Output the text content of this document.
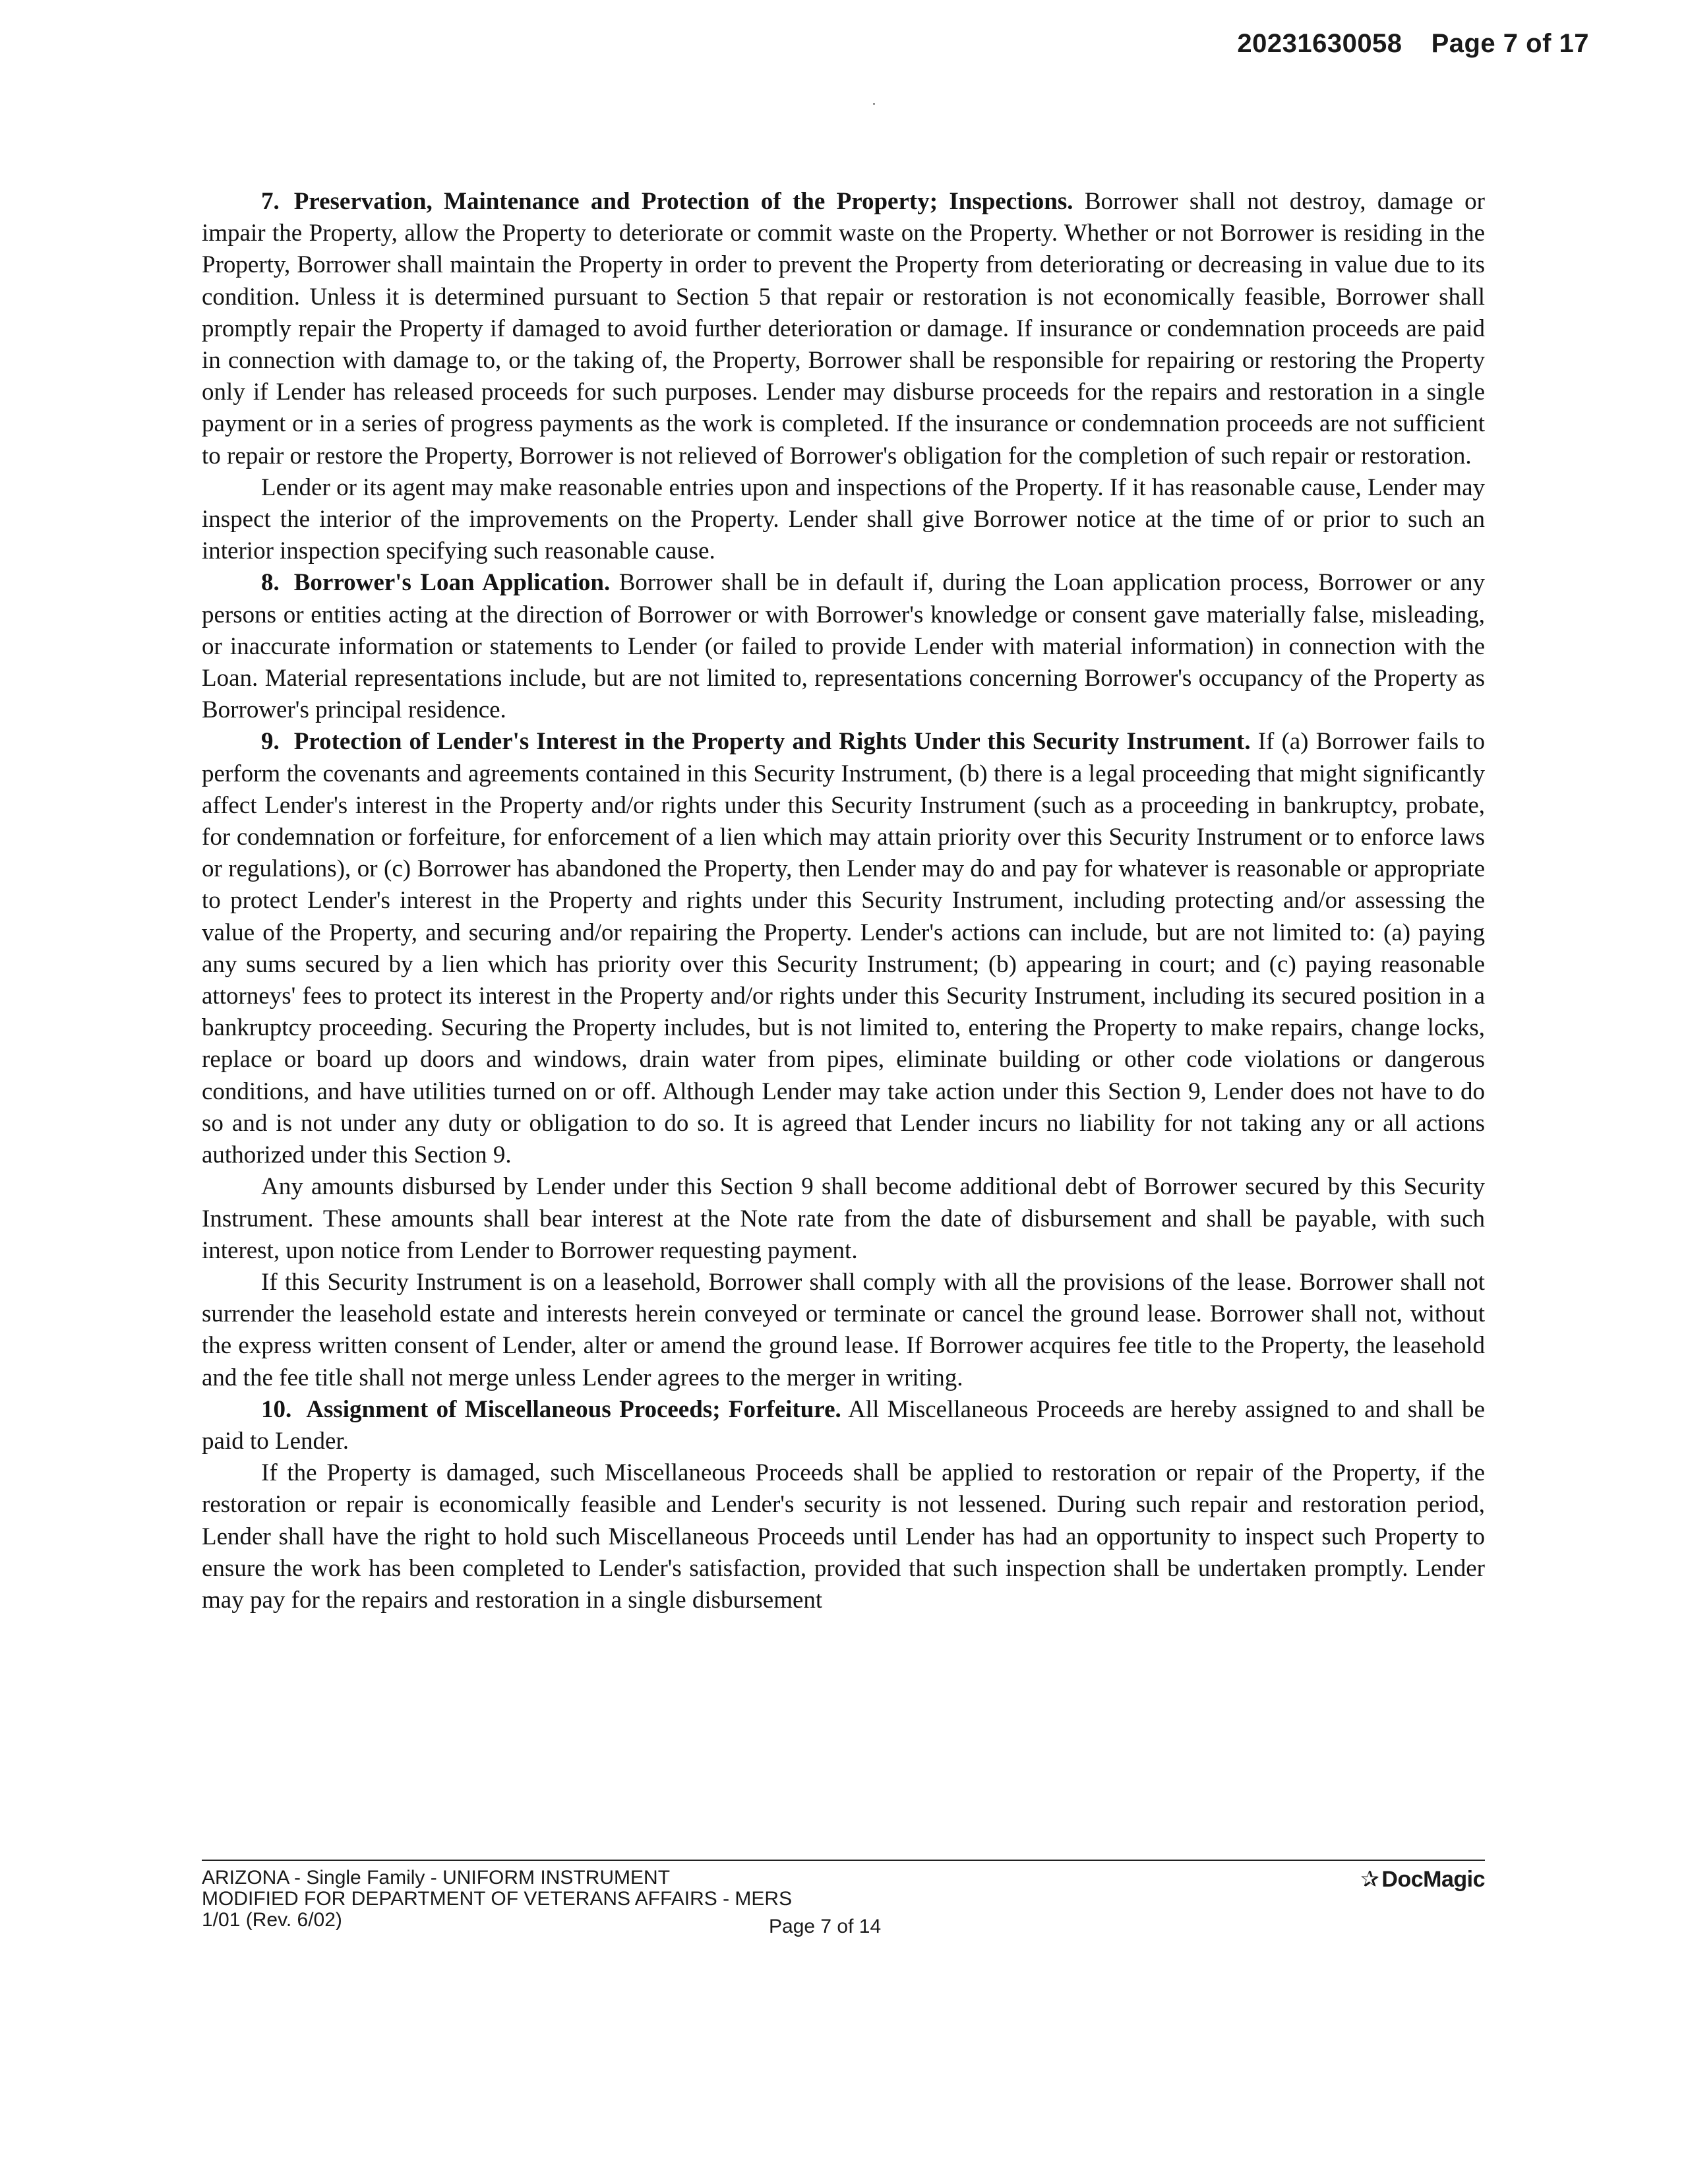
20231630058 Page 7 of 17

7. Preservation, Maintenance and Protection of the Property; Inspections. Borrower shall not destroy, damage or impair the Property, allow the Property to deteriorate or commit waste on the Property. Whether or not Borrower is residing in the Property, Borrower shall maintain the Property in order to prevent the Property from deteriorating or decreasing in value due to its condition. Unless it is determined pursuant to Section 5 that repair or restoration is not economically feasible, Borrower shall promptly repair the Property if damaged to avoid further deterioration or damage. If insurance or condemnation proceeds are paid in connection with damage to, or the taking of, the Property, Borrower shall be responsible for repairing or restoring the Property only if Lender has released proceeds for such purposes. Lender may disburse proceeds for the repairs and restoration in a single payment or in a series of progress payments as the work is completed. If the insurance or condemnation proceeds are not sufficient to repair or restore the Property, Borrower is not relieved of Borrower's obligation for the completion of such repair or restoration.

Lender or its agent may make reasonable entries upon and inspections of the Property. If it has reasonable cause, Lender may inspect the interior of the improvements on the Property. Lender shall give Borrower notice at the time of or prior to such an interior inspection specifying such reasonable cause.

8. Borrower's Loan Application. Borrower shall be in default if, during the Loan application process, Borrower or any persons or entities acting at the direction of Borrower or with Borrower's knowledge or consent gave materially false, misleading, or inaccurate information or statements to Lender (or failed to provide Lender with material information) in connection with the Loan. Material representations include, but are not limited to, representations concerning Borrower's occupancy of the Property as Borrower's principal residence.

9. Protection of Lender's Interest in the Property and Rights Under this Security Instrument. If (a) Borrower fails to perform the covenants and agreements contained in this Security Instrument, (b) there is a legal proceeding that might significantly affect Lender's interest in the Property and/or rights under this Security Instrument (such as a proceeding in bankruptcy, probate, for condemnation or forfeiture, for enforcement of a lien which may attain priority over this Security Instrument or to enforce laws or regulations), or (c) Borrower has abandoned the Property, then Lender may do and pay for whatever is reasonable or appropriate to protect Lender's interest in the Property and rights under this Security Instrument, including protecting and/or assessing the value of the Property, and securing and/or repairing the Property. Lender's actions can include, but are not limited to: (a) paying any sums secured by a lien which has priority over this Security Instrument; (b) appearing in court; and (c) paying reasonable attorneys' fees to protect its interest in the Property and/or rights under this Security Instrument, including its secured position in a bankruptcy proceeding. Securing the Property includes, but is not limited to, entering the Property to make repairs, change locks, replace or board up doors and windows, drain water from pipes, eliminate building or other code violations or dangerous conditions, and have utilities turned on or off. Although Lender may take action under this Section 9, Lender does not have to do so and is not under any duty or obligation to do so. It is agreed that Lender incurs no liability for not taking any or all actions authorized under this Section 9.

Any amounts disbursed by Lender under this Section 9 shall become additional debt of Borrower secured by this Security Instrument. These amounts shall bear interest at the Note rate from the date of disbursement and shall be payable, with such interest, upon notice from Lender to Borrower requesting payment.

If this Security Instrument is on a leasehold, Borrower shall comply with all the provisions of the lease. Borrower shall not surrender the leasehold estate and interests herein conveyed or terminate or cancel the ground lease. Borrower shall not, without the express written consent of Lender, alter or amend the ground lease. If Borrower acquires fee title to the Property, the leasehold and the fee title shall not merge unless Lender agrees to the merger in writing.

10. Assignment of Miscellaneous Proceeds; Forfeiture. All Miscellaneous Proceeds are hereby assigned to and shall be paid to Lender.

If the Property is damaged, such Miscellaneous Proceeds shall be applied to restoration or repair of the Property, if the restoration or repair is economically feasible and Lender's security is not lessened. During such repair and restoration period, Lender shall have the right to hold such Miscellaneous Proceeds until Lender has had an opportunity to inspect such Property to ensure the work has been completed to Lender's satisfaction, provided that such inspection shall be undertaken promptly. Lender may pay for the repairs and restoration in a single disbursement

ARIZONA - Single Family - UNIFORM INSTRUMENT
MODIFIED FOR DEPARTMENT OF VETERANS AFFAIRS - MERS
1/01 (Rev. 6/02)	Page 7 of 14
✰ DocMagic
